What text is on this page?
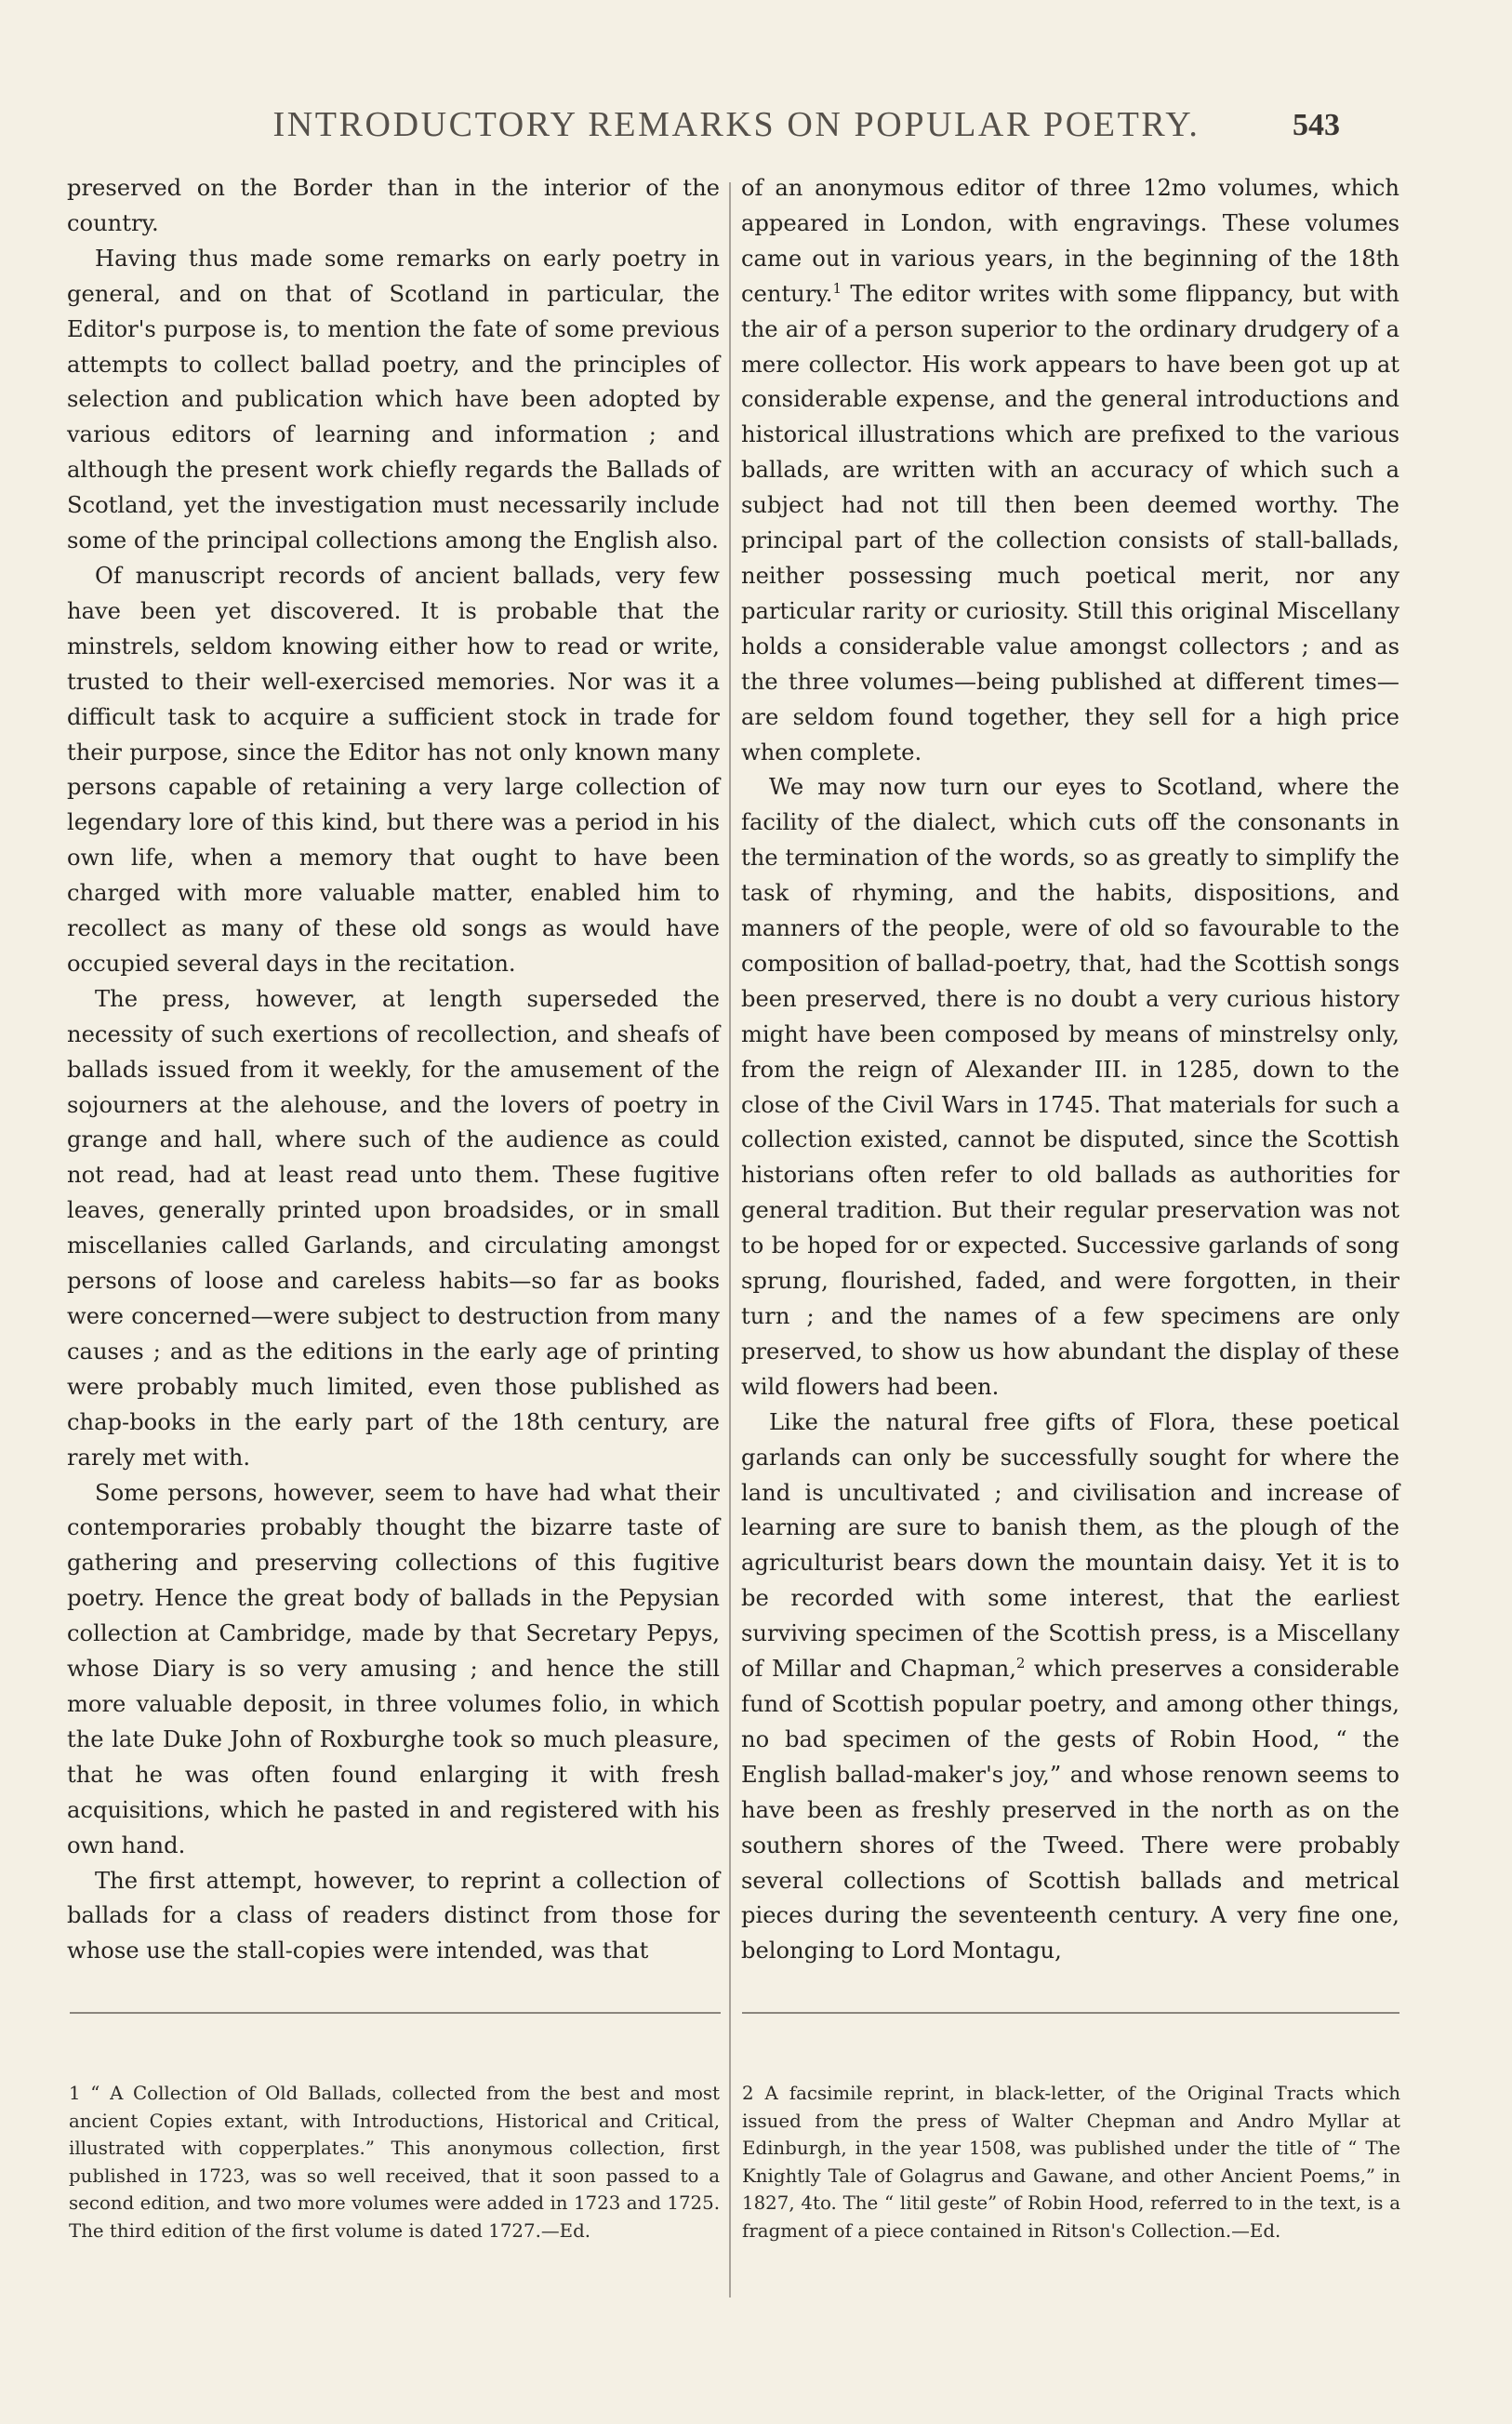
INTRODUCTORY REMARKS ON POPULAR POETRY.	543

preserved on the Border than in the interior of the country.

Having thus made some remarks on early poetry in general, and on that of Scotland in particular, the Editor's purpose is, to mention the fate of some previous attempts to collect ballad poetry, and the principles of selection and publication which have been adopted by various editors of learning and information ; and although the present work chiefly regards the Ballads of Scotland, yet the investigation must necessarily include some of the principal collections among the English also.

Of manuscript records of ancient ballads, very few have been yet discovered. It is probable that the minstrels, seldom knowing either how to read or write, trusted to their well-exercised memories. Nor was it a difficult task to acquire a sufficient stock in trade for their purpose, since the Editor has not only known many persons capable of retaining a very large collection of legendary lore of this kind, but there was a period in his own life, when a memory that ought to have been charged with more valuable matter, enabled him to recollect as many of these old songs as would have occupied several days in the recitation.

The press, however, at length superseded the necessity of such exertions of recollection, and sheafs of ballads issued from it weekly, for the amusement of the sojourners at the alehouse, and the lovers of poetry in grange and hall, where such of the audience as could not read, had at least read unto them. These fugitive leaves, generally printed upon broadsides, or in small miscellanies called Garlands, and circulating amongst persons of loose and careless habits—so far as books were concerned—were subject to destruction from many causes ; and as the editions in the early age of printing were probably much limited, even those published as chap-books in the early part of the 18th century, are rarely met with.

Some persons, however, seem to have had what their contemporaries probably thought the bizarre taste of gathering and preserving collections of this fugitive poetry. Hence the great body of ballads in the Pepysian collection at Cambridge, made by that Secretary Pepys, whose Diary is so very amusing ; and hence the still more valuable deposit, in three volumes folio, in which the late Duke John of Roxburghe took so much pleasure, that he was often found enlarging it with fresh acquisitions, which he pasted in and registered with his own hand.

The first attempt, however, to reprint a collection of ballads for a class of readers distinct from those for whose use the stall-copies were intended, was that

of an anonymous editor of three 12mo volumes, which appeared in London, with engravings. These volumes came out in various years, in the beginning of the 18th century.$^1$ The editor writes with some flippancy, but with the air of a person superior to the ordinary drudgery of a mere collector. His work appears to have been got up at considerable expense, and the general introductions and historical illustrations which are prefixed to the various ballads, are written with an accuracy of which such a subject had not till then been deemed worthy. The principal part of the collection consists of stall-ballads, neither possessing much poetical merit, nor any particular rarity or curiosity. Still this original Miscellany holds a considerable value amongst collectors ; and as the three volumes—being published at different times—are seldom found together, they sell for a high price when complete.

We may now turn our eyes to Scotland, where the facility of the dialect, which cuts off the consonants in the termination of the words, so as greatly to simplify the task of rhyming, and the habits, dispositions, and manners of the people, were of old so favourable to the composition of ballad-poetry, that, had the Scottish songs been preserved, there is no doubt a very curious history might have been composed by means of minstrelsy only, from the reign of Alexander III. in 1285, down to the close of the Civil Wars in 1745. That materials for such a collection existed, cannot be disputed, since the Scottish historians often refer to old ballads as authorities for general tradition. But their regular preservation was not to be hoped for or expected. Successive garlands of song sprung, flourished, faded, and were forgotten, in their turn ; and the names of a few specimens are only preserved, to show us how abundant the display of these wild flowers had been.

Like the natural free gifts of Flora, these poetical garlands can only be successfully sought for where the land is uncultivated ; and civilisation and increase of learning are sure to banish them, as the plough of the agriculturist bears down the mountain daisy. Yet it is to be recorded with some interest, that the earliest surviving specimen of the Scottish press, is a Miscellany of Millar and Chapman,$^2$ which preserves a considerable fund of Scottish popular poetry, and among other things, no bad specimen of the gests of Robin Hood, “ the English ballad-maker's joy,” and whose renown seems to have been as freshly preserved in the north as on the southern shores of the Tweed. There were probably several collections of Scottish ballads and metrical pieces during the seventeenth century. A very fine one, belonging to Lord Montagu,

1 “ A Collection of Old Ballads, collected from the best and most ancient Copies extant, with Introductions, Historical and Critical, illustrated with copperplates.” This anonymous collection, first published in 1723, was so well received, that it soon passed to a second edition, and two more volumes were added in 1723 and 1725. The third edition of the first volume is dated 1727.—Ed.

2 A facsimile reprint, in black-letter, of the Original Tracts which issued from the press of Walter Chepman and Andro Myllar at Edinburgh, in the year 1508, was published under the title of “ The Knightly Tale of Golagrus and Gawane, and other Ancient Poems,” in 1827, 4to. The “ litil geste” of Robin Hood, referred to in the text, is a fragment of a piece contained in Ritson's Collection.—Ed.
